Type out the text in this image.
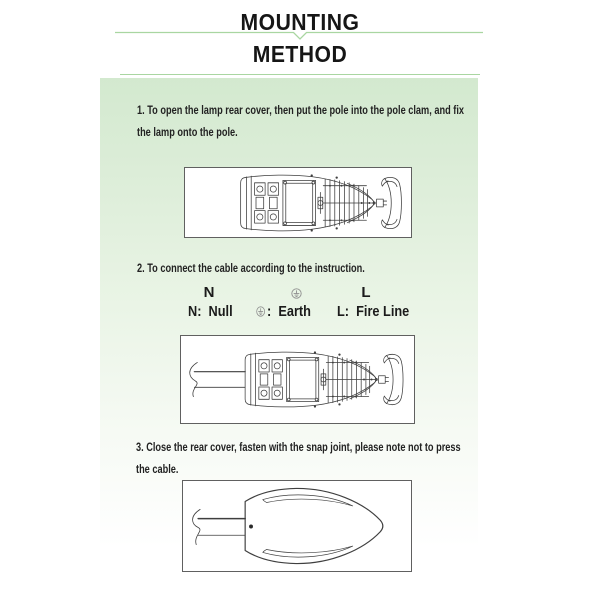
MOUNTING
METHOD
1. To open the lamp rear cover, then put the pole into the pole clam, and fix
the lamp onto the pole.
2. To connect the cable according to the instruction.
N	L
N:  Null :  Earth L:  Fire Line
3. Close the rear cover, fasten with the snap joint, please note not to press
the cable.
